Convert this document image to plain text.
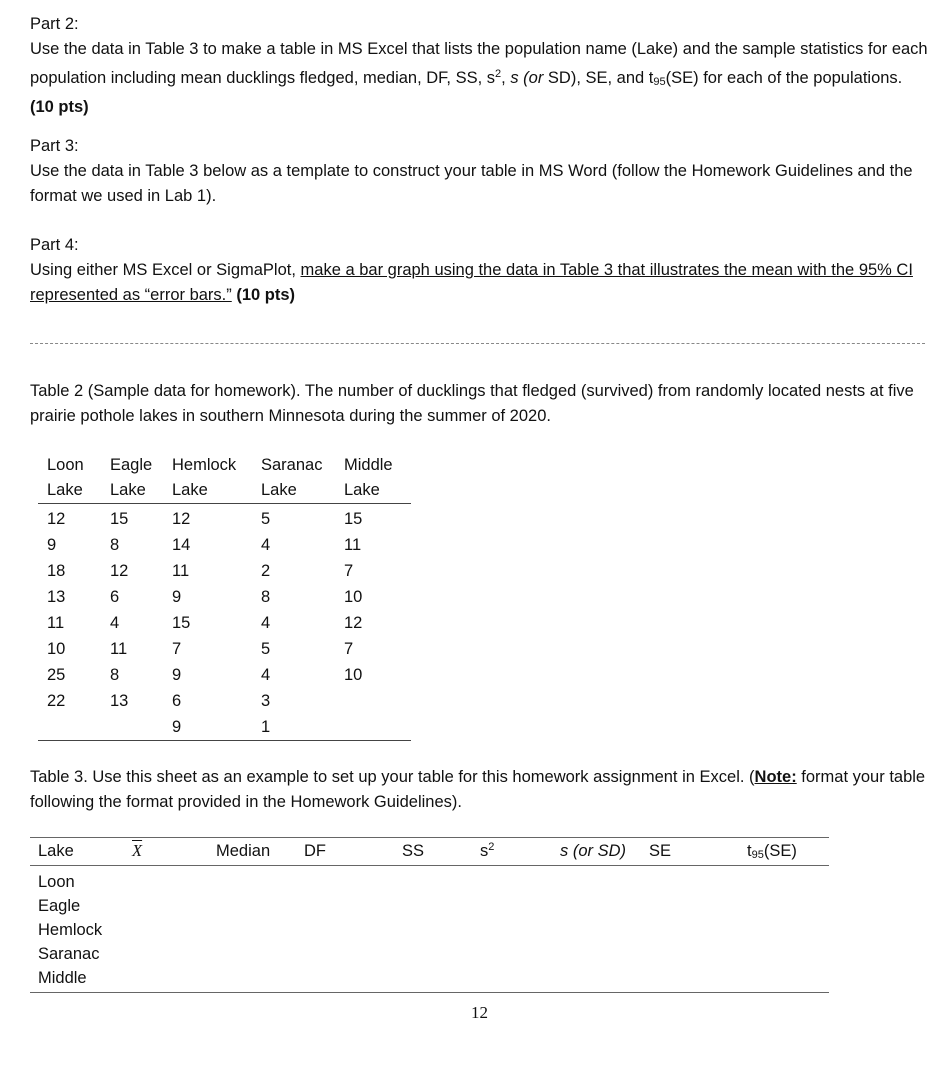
Part 2:

Use the data in Table 3 to make a table in MS Excel that lists the population name (Lake) and the sample statistics for each population including mean ducklings fledged, median, DF, SS, $s^2$, s (or SD), SE, and t95(SE) for each of the populations. (10 pts)

Part 3:

Use the data in Table 3 below as a template to construct your table in MS Word (follow the Homework Guidelines and the format we used in Lab 1).

Part 4:

Using either MS Excel or SigmaPlot, make a bar graph using the data in Table 3 that illustrates the mean with the 95% CI represented as “error bars.” (10 pts)

Table 2 (Sample data for homework). The number of ducklings that fledged (survived) from randomly located nests at five prairie pothole lakes in southern Minnesota during the summer of 2020.

Loon	Eagle	Hemlock	Saranac	Middle
Lake	Lake	Lake	Lake	Lake
12	15	12	5	15
9	8	14	4	11
18	12	11	2	7
13	6	9	8	10
11	4	15	4	12
10	11	7	5	7
25	8	9	4	10
22	13	6	3	
		9	1	

Table 3. Use this sheet as an example to set up your table for this homework assignment in Excel. (Note: format your table following the format provided in the Homework Guidelines).

Lake	$\overline{X}$	Median	DF	SS	$s^2$	s (or SD)	SE	t95(SE)
Loon								
Eagle								
Hemlock								
Saranac								
Middle								
12
